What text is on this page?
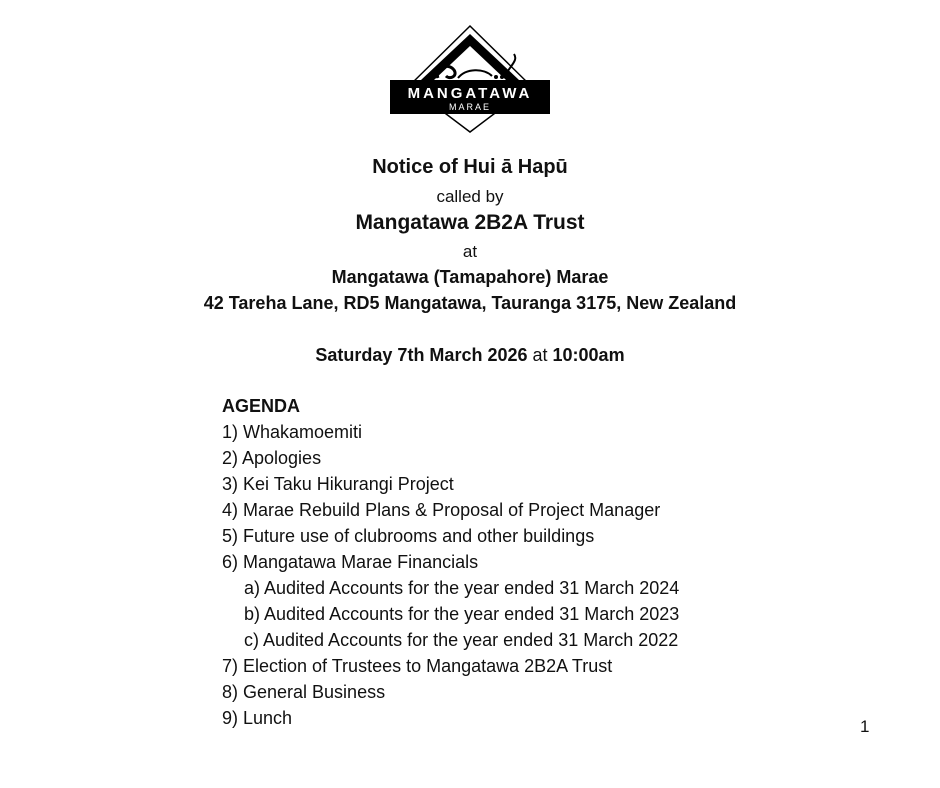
MANGATAWA
MARAE
Notice of Hui ā Hapū
called by
Mangatawa 2B2A Trust
at
Mangatawa (Tamapahore) Marae
42 Tareha Lane, RD5 Mangatawa, Tauranga 3175, New Zealand
Saturday 7th March 2026 at 10:00am
AGENDA
1) Whakamoemiti
2) Apologies
3) Kei Taku Hikurangi Project
4) Marae Rebuild Plans & Proposal of Project Manager
5) Future use of clubrooms and other buildings
6) Mangatawa Marae Financials
a) Audited Accounts for the year ended 31 March 2024
b) Audited Accounts for the year ended 31 March 2023
c) Audited Accounts for the year ended 31 March 2022
7) Election of Trustees to Mangatawa 2B2A Trust
8) General Business
9) Lunch	1
